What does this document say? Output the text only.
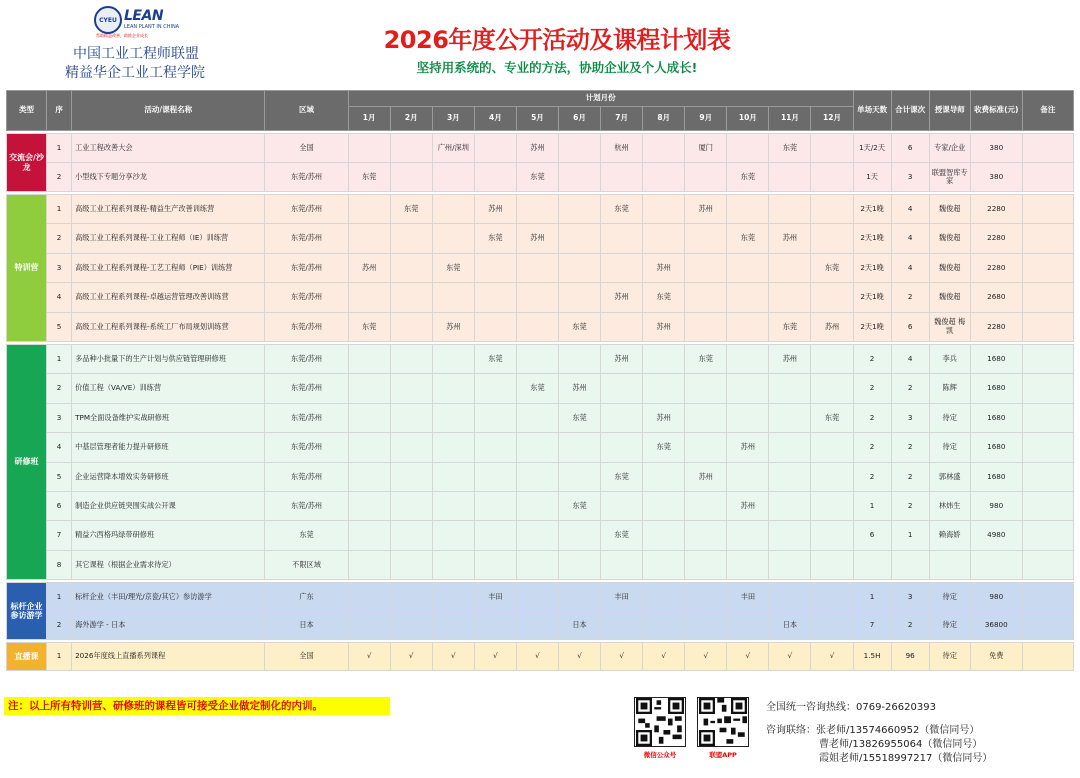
CYEU LEAN
LEAN PLANT IN CHINA
帮助精益改善，助推企业成长
中国工业工程师联盟
精益华企工业工程学院
2026年度公开活动及课程计划表
坚持用系统的、专业的方法，协助企业及个人成长!
类型	序	活动/课程名称	区域	计划月份												单场天数	合计课次	授课导师	收费标准(元)	备注
				1月	2月	3月	4月	5月	6月	7月	8月	9月	10月	11月	12月					

交流会/沙龙	1	工业工程改善大会	全国			广州/深圳		苏州		杭州		厦门		东莞		1天/2天	6	专家/企业	380	
	2	小型线下专题分享沙龙	东莞/苏州	东莞				东莞					东莞			1天	3	联盟智库专家	380	

特训营	1	高级工业工程系列课程-精益生产改善训练营	东莞/苏州		东莞		苏州			东莞		苏州				2天1晚	4	魏俊超	2280	
	2	高级工业工程系列课程-工业工程师（IE）训练营	东莞/苏州				东莞	苏州					东莞	苏州		2天1晚	4	魏俊超	2280	
	3	高级工业工程系列课程-工艺工程师（PIE）训练营	东莞/苏州	苏州		东莞					苏州				东莞	2天1晚	4	魏俊超	2280	
	4	高级工业工程系列课程-卓越运营管理改善训练营	东莞/苏州							苏州	东莞					2天1晚	2	魏俊超	2680	
	5	高级工业工程系列课程-系统工厂布局规划训练营	东莞/苏州	东莞		苏州			东莞		苏州			东莞	苏州	2天1晚	6	魏俊超 梅 凯	2280	

研修班	1	多品种小批量下的生产计划与供应链管理研修班	东莞/苏州				东莞			苏州		东莞		苏州		2	4	李兵	1680	
	2	价值工程（VA/VE）训练营	东莞/苏州					东莞	苏州							2	2	陈辉	1680	
	3	TPM全面设备维护实战研修班	东莞/苏州						东莞		苏州				东莞	2	3	待定	1680	
	4	中基层管理者能力提升研修班	东莞/苏州								东莞		苏州			2	2	待定	1680	
	5	企业运营降本增效实务研修班	东莞/苏州							东莞		苏州				2	2	郭林盛	1680	
	6	制造企业供应链突围实战公开课	东莞/苏州						东莞				苏州			1	2	林炜生	980	
	7	精益六西格玛绿带研修班	东莞							东莞						6	1	赖海娇	4980	
	8	其它课程（根据企业需求待定）	不限区域																	

标杆企业参访游学	1	标杆企业（丰田/理光/京瓷/其它）参访游学	广东				丰田			丰田			丰田			1	3	待定	980	
	2	海外游学 - 日本	日本						日本					日本		7	2	待定	36800	

直播课	1	2026年度线上直播系列课程	全国	√	√	√	√	√	√	√	√	√	√	√	√	1.5H	96	待定	免费	
注：以上所有特训营、研修班的课程皆可接受企业做定制化的内训。
微信公众号	联盟APP
全国统一咨询热线：0769-26620393
咨询联络：张老师/13574660952（微信同号）
曹老师/13826955064（微信同号）
霞姐老师/15518997217（微信同号）
